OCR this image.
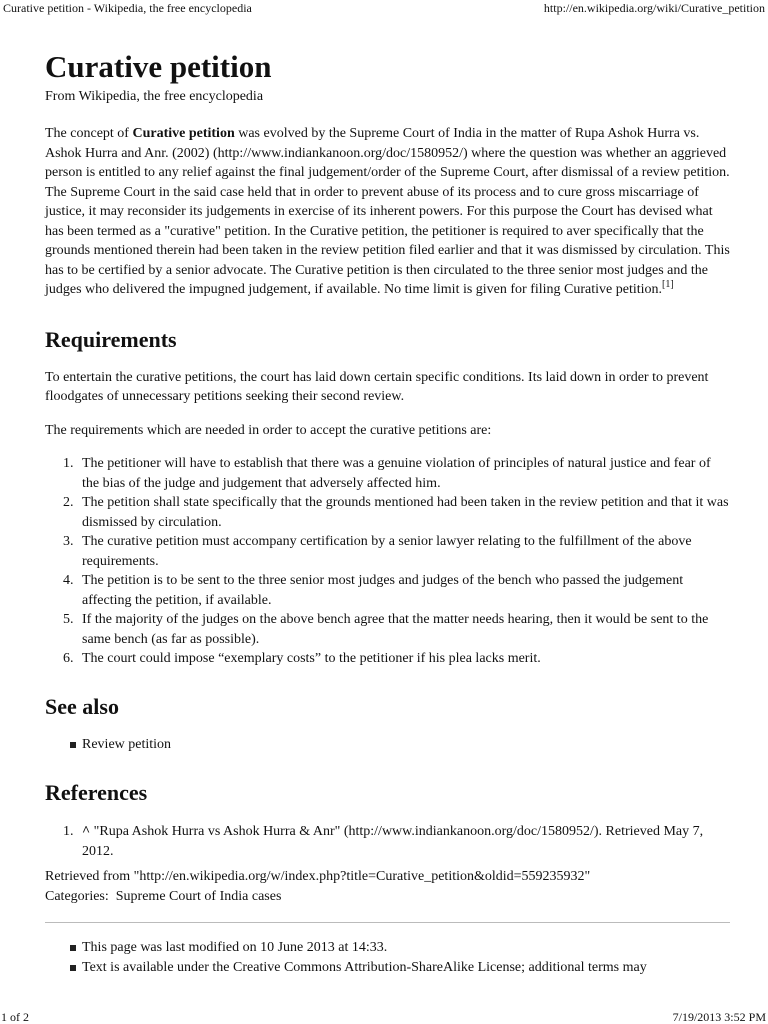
Curative petition - Wikipedia, the free encyclopedia	http://en.wikipedia.org/wiki/Curative_petition
Curative petition
From Wikipedia, the free encyclopedia

The concept of Curative petition was evolved by the Supreme Court of India in the matter of Rupa Ashok Hurra vs. Ashok Hurra and Anr. (2002) (http://www.indiankanoon.org/doc/1580952/) where the question was whether an aggrieved person is entitled to any relief against the final judgement/order of the Supreme Court, after dismissal of a review petition. The Supreme Court in the said case held that in order to prevent abuse of its process and to cure gross miscarriage of justice, it may reconsider its judgements in exercise of its inherent powers. For this purpose the Court has devised what has been termed as a "curative" petition. In the Curative petition, the petitioner is required to aver specifically that the grounds mentioned therein had been taken in the review petition filed earlier and that it was dismissed by circulation. This has to be certified by a senior advocate. The Curative petition is then circulated to the three senior most judges and the judges who delivered the impugned judgement, if available. No time limit is given for filing Curative petition.[1]

Requirements

To entertain the curative petitions, the court has laid down certain specific conditions. Its laid down in order to prevent floodgates of unnecessary petitions seeking their second review.

The requirements which are needed in order to accept the curative petitions are:

1. The petitioner will have to establish that there was a genuine violation of principles of natural justice and fear of the bias of the judge and judgement that adversely affected him.
2. The petition shall state specifically that the grounds mentioned had been taken in the review petition and that it was dismissed by circulation.
3. The curative petition must accompany certification by a senior lawyer relating to the fulfillment of the above requirements.
4. The petition is to be sent to the three senior most judges and judges of the bench who passed the judgement affecting the petition, if available.
5. If the majority of the judges on the above bench agree that the matter needs hearing, then it would be sent to the same bench (as far as possible).
6. The court could impose “exemplary costs” to the petitioner if his plea lacks merit.
See also
Review petition
References
1. ^ "Rupa Ashok Hurra vs Ashok Hurra & Anr" (http://www.indiankanoon.org/doc/1580952/). Retrieved May 7, 2012.

Retrieved from "http://en.wikipedia.org/w/index.php?title=Curative_petition&oldid=559235932"

Categories: Supreme Court of India cases

This page was last modified on 10 June 2013 at 14:33.
Text is available under the Creative Commons Attribution-ShareAlike License; additional terms may
1 of 2	7/19/2013 3:52 PM
